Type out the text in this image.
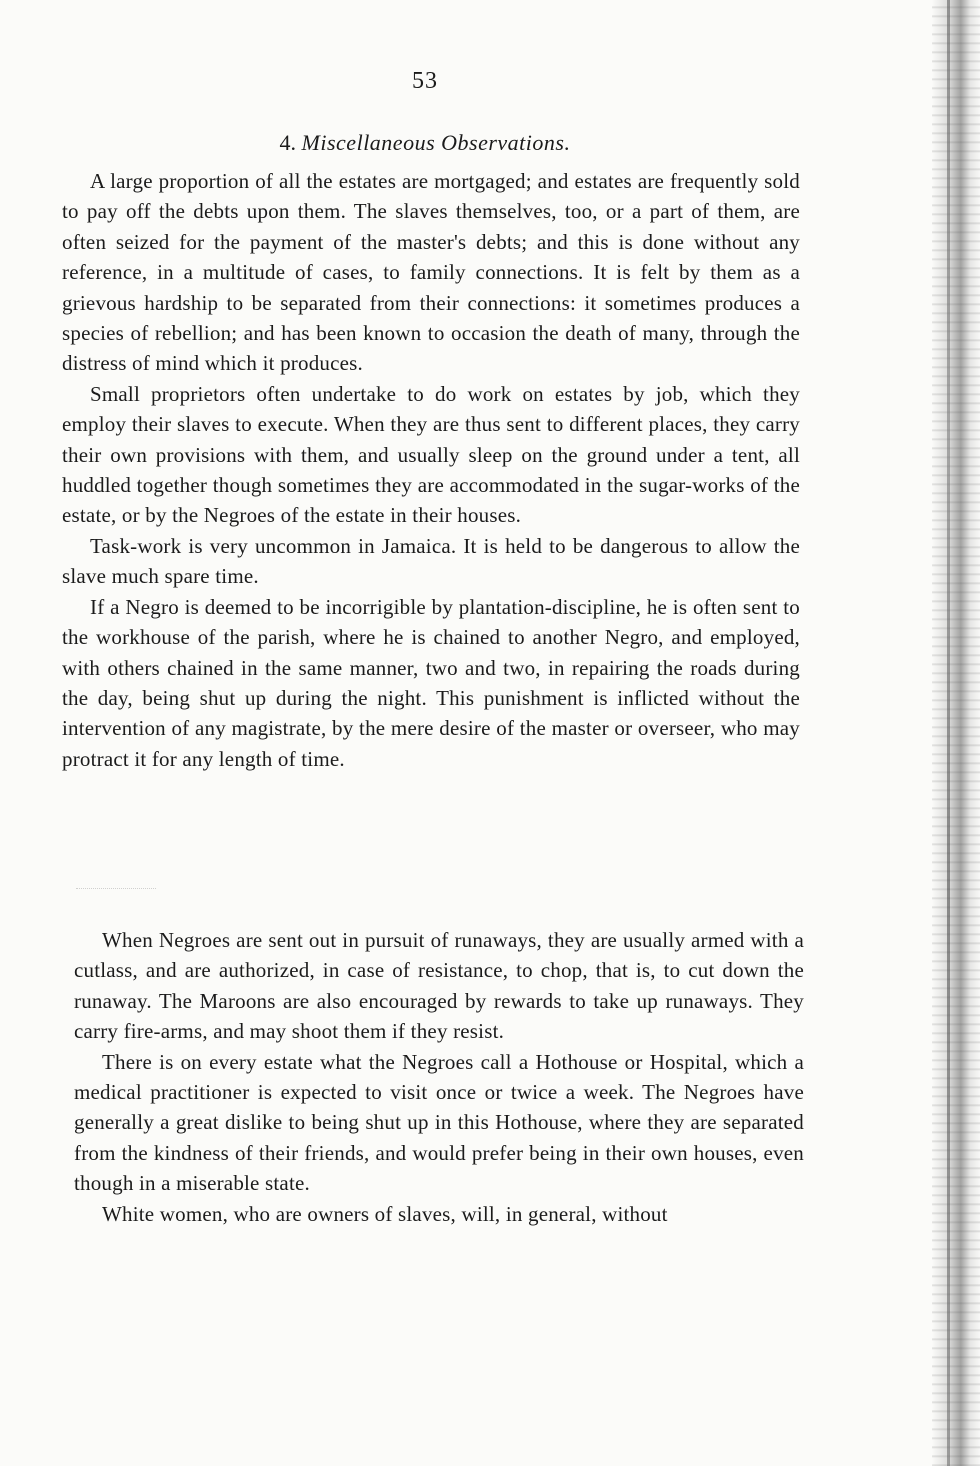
53
4. Miscellaneous Observations.

A large proportion of all the estates are mortgaged; and estates are frequently sold to pay off the debts upon them. The slaves themselves, too, or a part of them, are often seized for the payment of the master's debts; and this is done without any reference, in a multitude of cases, to family connections. It is felt by them as a grievous hardship to be separated from their connections: it sometimes produces a species of rebellion; and has been known to occasion the death of many, through the distress of mind which it produces.

Small proprietors often undertake to do work on estates by job, which they employ their slaves to execute. When they are thus sent to different places, they carry their own provisions with them, and usually sleep on the ground under a tent, all huddled together though sometimes they are accommodated in the sugar-works of the estate, or by the Negroes of the estate in their houses.

Task-work is very uncommon in Jamaica. It is held to be dangerous to allow the slave much spare time.

If a Negro is deemed to be incorrigible by plantation-discipline, he is often sent to the workhouse of the parish, where he is chained to another Negro, and employed, with others chained in the same manner, two and two, in repairing the roads during the day, being shut up during the night. This punishment is inflicted without the intervention of any magistrate, by the mere desire of the master or overseer, who may protract it for any length of time.

When Negroes are sent out in pursuit of runaways, they are usually armed with a cutlass, and are authorized, in case of resistance, to chop, that is, to cut down the runaway. The Maroons are also encouraged by rewards to take up runaways. They carry fire-arms, and may shoot them if they resist.

There is on every estate what the Negroes call a Hothouse or Hospital, which a medical practitioner is expected to visit once or twice a week. The Negroes have generally a great dislike to being shut up in this Hothouse, where they are separated from the kindness of their friends, and would prefer being in their own houses, even though in a miserable state.

White women, who are owners of slaves, will, in general, without
